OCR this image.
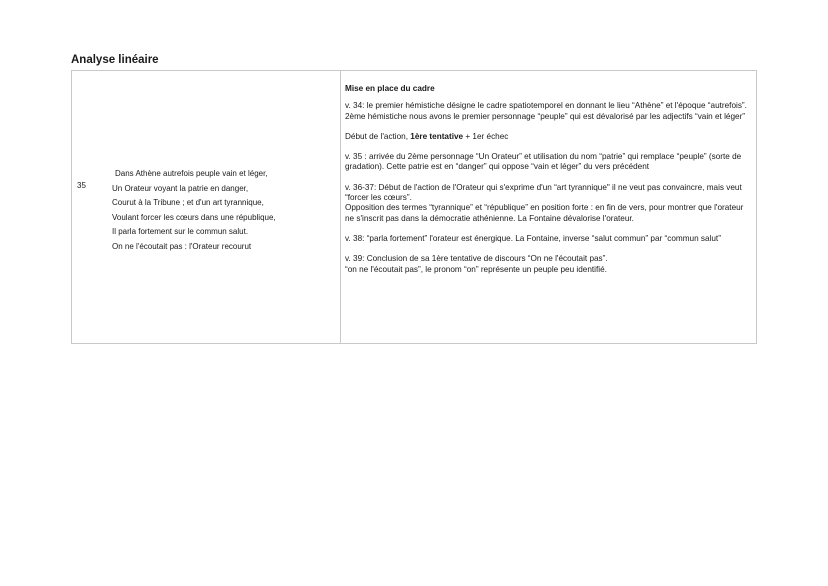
Analyse linéaire
35
Dans Athène autrefois peuple vain et léger,
Un Orateur voyant la patrie en danger,
Courut à la Tribune ; et d'un art tyrannique,
Voulant forcer les cœurs dans une république,
Il parla fortement sur le commun salut.
On ne l'écoutait pas : l'Orateur recourut

Mise en place du cadre

v. 34: le premier hémistiche désigne le cadre spatiotemporel en donnant le lieu “Athène” et l'époque “autrefois”. 2ème hémistiche nous avons le premier personnage “peuple” qui est dévalorisé par les adjectifs “vain et léger”

Début de l'action, 1ère tentative + 1er échec

v. 35 : arrivée du 2ème personnage “Un Orateur” et utilisation du nom “patrie” qui remplace “peuple” (sorte de gradation). Cette patrie est en “danger” qui oppose “vain et léger” du vers précédent

v. 36-37: Début de l'action de l'Orateur qui s'exprime d'un “art tyrannique" il ne veut pas convaincre, mais veut “forcer les cœurs”.
Opposition des termes “tyrannique” et “république” en position forte : en fin de vers, pour montrer que l'orateur ne s'inscrit pas dans la démocratie athénienne. La Fontaine dévalorise l'orateur.

v. 38: “parla fortement” l'orateur est énergique. La Fontaine, inverse “salut commun” par “commun salut”

v. 39: Conclusion de sa 1ère tentative de discours “On ne l'écoutait pas”.
“on ne l'écoutait pas”, le pronom “on” représente un peuple peu identifié.
